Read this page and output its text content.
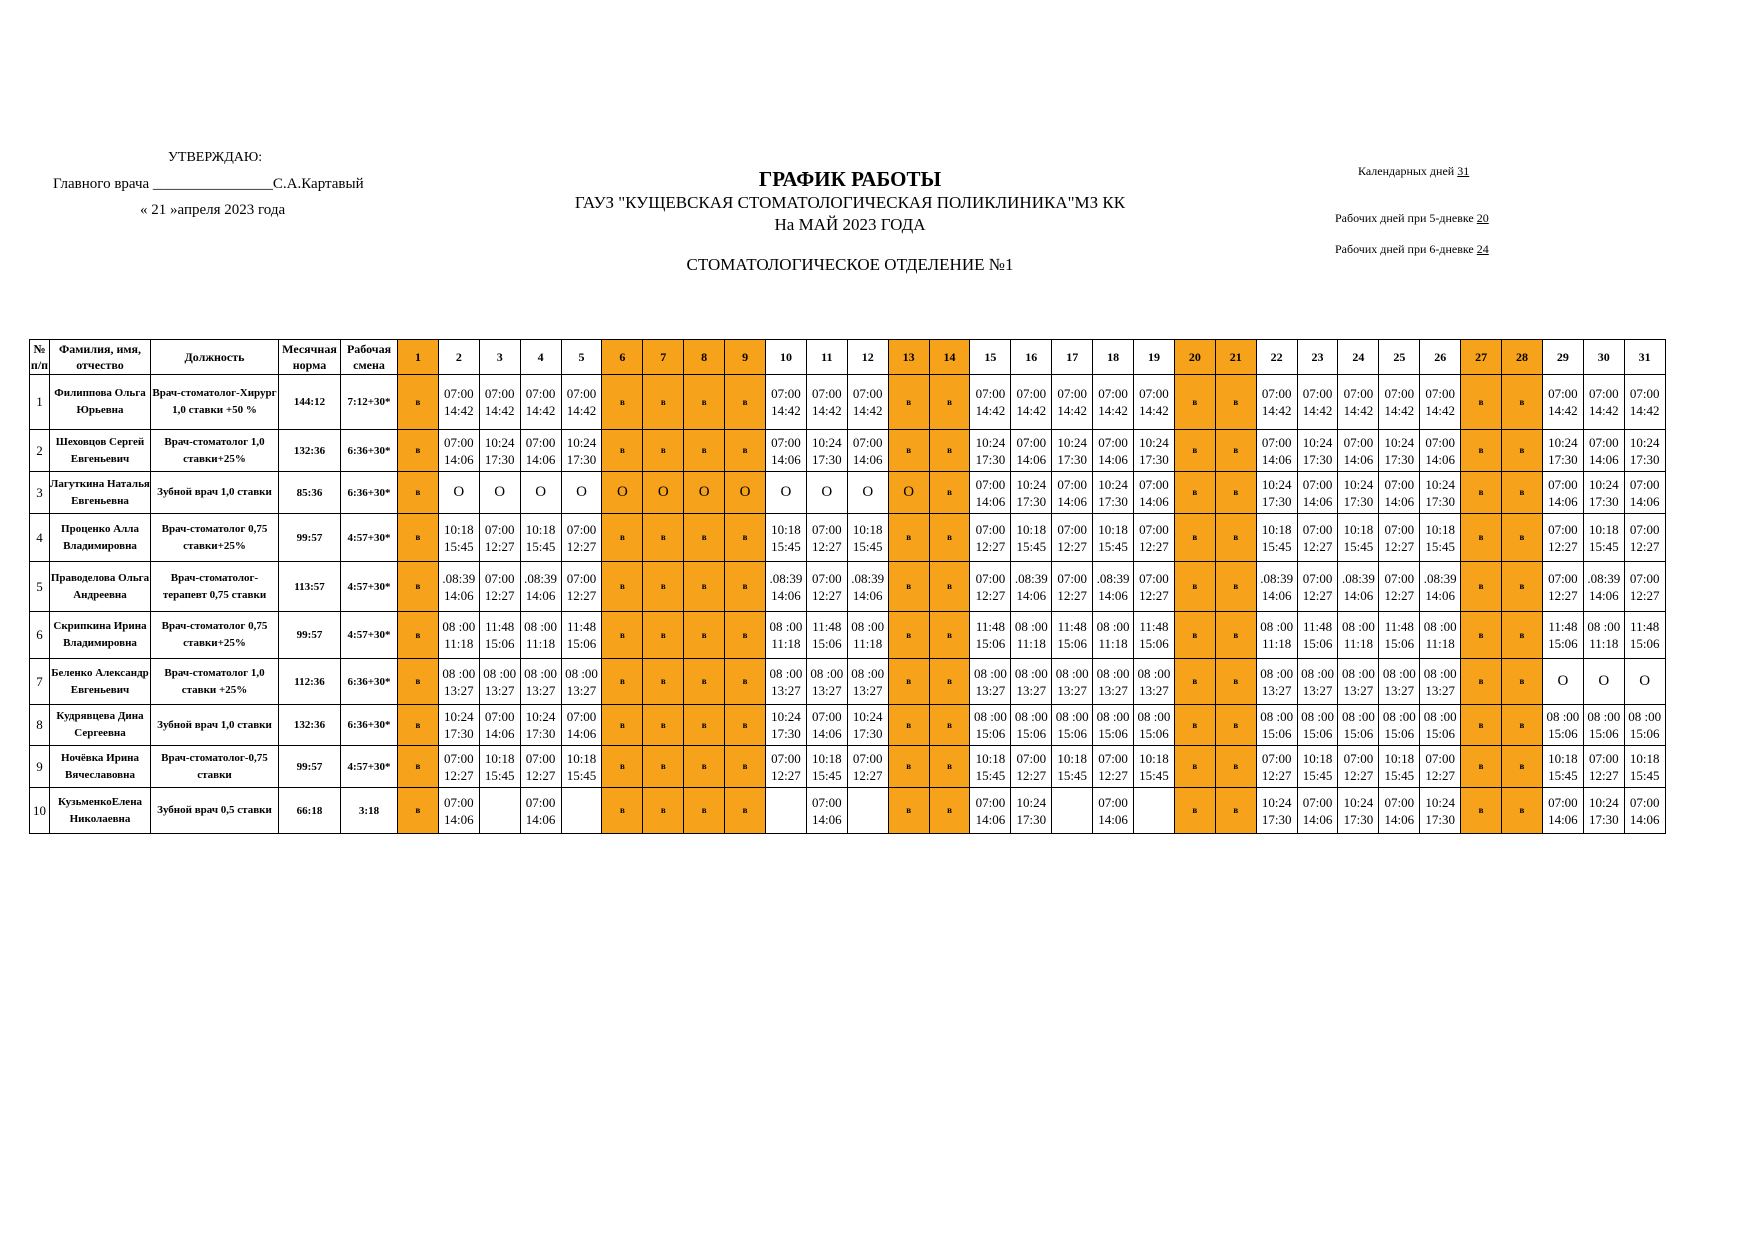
УТВЕРЖДАЮ:
Главного врача ________________С.А.Картавый
« 21 »апреля 2023 года
ГРАФИК РАБОТЫ
ГАУЗ "КУЩЕВСКАЯ СТОМАТОЛОГИЧЕСКАЯ ПОЛИКЛИНИКА"МЗ КК
На МАЙ 2023 ГОДА
СТОМАТОЛОГИЧЕСКОЕ ОТДЕЛЕНИЕ №1
Календарных дней 31
Рабочих дней при 5-дневке 20
Рабочих дней при 6-дневке 24
№ п/п	Фамилия, имя, отчество	Должность	Месячная норма	Рабочая смена	1	2	3	4	5	6	7	8	9	10	11	12	13	14	15	16	17	18	19	20	21	22	23	24	25	26	27	28	29	30	31
1	Филиппова Ольга Юрьевна	Врач-стоматолог-Хирург 1,0 ставки +50 %	144:12	7:12+30*	в	07:00 14:42	07:00 14:42	07:00 14:42	07:00 14:42	в	в	в	в	07:00 14:42	07:00 14:42	07:00 14:42	в	в	07:00 14:42	07:00 14:42	07:00 14:42	07:00 14:42	07:00 14:42	в	в	07:00 14:42	07:00 14:42	07:00 14:42	07:00 14:42	07:00 14:42	в	в	07:00 14:42	07:00 14:42	07:00 14:42
2	Шеховцов Сергей Евгеньевич	Врач-стоматолог 1,0 ставки+25%	132:36	6:36+30*	в	07:00 14:06	10:24 17:30	07:00 14:06	10:24 17:30	в	в	в	в	07:00 14:06	10:24 17:30	07:00 14:06	в	в	10:24 17:30	07:00 14:06	10:24 17:30	07:00 14:06	10:24 17:30	в	в	07:00 14:06	10:24 17:30	07:00 14:06	10:24 17:30	07:00 14:06	в	в	10:24 17:30	07:00 14:06	10:24 17:30
3	Лагуткина Наталья Евгеньевна	Зубной врач 1,0 ставки	85:36	6:36+30*	в	О	О	О	О	О	О	О	О	О	О	О	О	в	07:00 14:06	10:24 17:30	07:00 14:06	10:24 17:30	07:00 14:06	в	в	10:24 17:30	07:00 14:06	10:24 17:30	07:00 14:06	10:24 17:30	в	в	07:00 14:06	10:24 17:30	07:00 14:06
4	Проценко Алла Владимировна	Врач-стоматолог 0,75 ставки+25%	99:57	4:57+30*	в	10:18 15:45	07:00 12:27	10:18 15:45	07:00 12:27	в	в	в	в	10:18 15:45	07:00 12:27	10:18 15:45	в	в	07:00 12:27	10:18 15:45	07:00 12:27	10:18 15:45	07:00 12:27	в	в	10:18 15:45	07:00 12:27	10:18 15:45	07:00 12:27	10:18 15:45	в	в	07:00 12:27	10:18 15:45	07:00 12:27
5	Праводелова Ольга Андреевна	Врач-стоматолог-терапевт 0,75 ставки	113:57	4:57+30*	в	.08:39 14:06	07:00 12:27	.08:39 14:06	07:00 12:27	в	в	в	в	.08:39 14:06	07:00 12:27	.08:39 14:06	в	в	07:00 12:27	.08:39 14:06	07:00 12:27	.08:39 14:06	07:00 12:27	в	в	.08:39 14:06	07:00 12:27	.08:39 14:06	07:00 12:27	.08:39 14:06	в	в	07:00 12:27	.08:39 14:06	07:00 12:27
6	Скрипкина Ирина Владимировна	Врач-стоматолог 0,75 ставки+25%	99:57	4:57+30*	в	08 :00 11:18	11:48 15:06	08 :00 11:18	11:48 15:06	в	в	в	в	08 :00 11:18	11:48 15:06	08 :00 11:18	в	в	11:48 15:06	08 :00 11:18	11:48 15:06	08 :00 11:18	11:48 15:06	в	в	08 :00 11:18	11:48 15:06	08 :00 11:18	11:48 15:06	08 :00 11:18	в	в	11:48 15:06	08 :00 11:18	11:48 15:06
7	Беленко Александр Евгеньевич	Врач-стоматолог 1,0 ставки +25%	112:36	6:36+30*	в	08 :00 13:27	08 :00 13:27	08 :00 13:27	08 :00 13:27	в	в	в	в	08 :00 13:27	08 :00 13:27	08 :00 13:27	в	в	08 :00 13:27	08 :00 13:27	08 :00 13:27	08 :00 13:27	08 :00 13:27	в	в	08 :00 13:27	08 :00 13:27	08 :00 13:27	08 :00 13:27	08 :00 13:27	в	в	О	О	О
8	Кудрявцева Дина Сергеевна	Зубной врач 1,0 ставки	132:36	6:36+30*	в	10:24 17:30	07:00 14:06	10:24 17:30	07:00 14:06	в	в	в	в	10:24 17:30	07:00 14:06	10:24 17:30	в	в	08 :00 15:06	08 :00 15:06	08 :00 15:06	08 :00 15:06	08 :00 15:06	в	в	08 :00 15:06	08 :00 15:06	08 :00 15:06	08 :00 15:06	08 :00 15:06	в	в	08 :00 15:06	08 :00 15:06	08 :00 15:06
9	Ночёвка Ирина Вячеславовна	Врач-стоматолог-0,75 ставки	99:57	4:57+30*	в	07:00 12:27	10:18 15:45	07:00 12:27	10:18 15:45	в	в	в	в	07:00 12:27	10:18 15:45	07:00 12:27	в	в	10:18 15:45	07:00 12:27	10:18 15:45	07:00 12:27	10:18 15:45	в	в	07:00 12:27	10:18 15:45	07:00 12:27	10:18 15:45	07:00 12:27	в	в	10:18 15:45	07:00 12:27	10:18 15:45
10	КузьменкоЕлена Николаевна	Зубной врач 0,5 ставки	66:18	3:18	в	07:00 14:06		07:00 14:06		в	в	в	в		07:00 14:06		в	в	07:00 14:06	10:24 17:30		07:00 14:06		в	в	10:24 17:30	07:00 14:06	10:24 17:30	07:00 14:06	10:24 17:30	в	в	07:00 14:06	10:24 17:30	07:00 14:06
